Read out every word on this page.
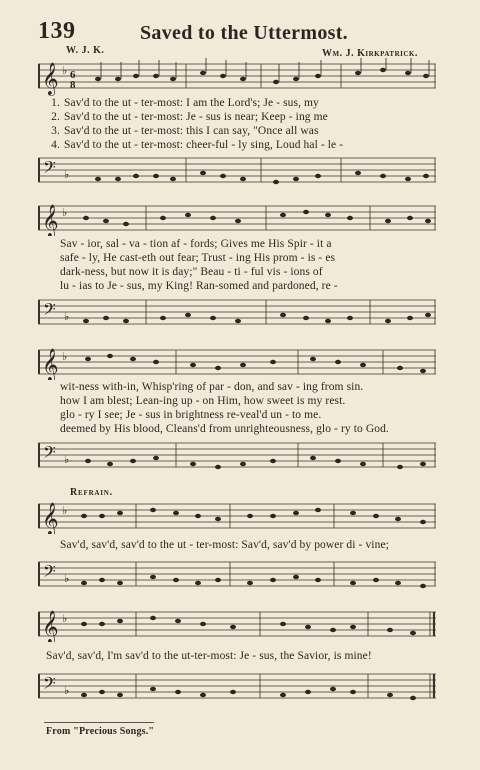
139	Saved to the Uttermost.
W. J. K.	Wm. J. Kirkpatrick.
𝄞 ♭ 6
8
1. Sav'd to the ut - ter-most: I am the Lord's; Je - sus, my
2. Sav'd to the ut - ter-most: Je - sus is near; Keep - ing me
3. Sav'd to the ut - ter-most: this I can say, "Once all was
4. Sav'd to the ut - ter-most: cheer-ful - ly sing, Loud hal - le -
𝄢 ♭
𝄞 ♭
Sav - ior, sal - va - tion af - fords; Gives me His Spir - it a
safe - ly, He cast-eth out fear; Trust - ing His prom - is - es
dark-ness, but now it is day;" Beau - ti - ful vis - ions of
lu - ias to Je - sus, my King! Ran-somed and pardoned, re -
𝄢 ♭
𝄞 ♭
wit-ness with-in, Whisp'ring of par - don, and sav - ing from sin.
how I am blest; Lean-ing up - on Him, how sweet is my rest.
glo - ry I see; Je - sus in brightness re-veal'd un - to me.
deemed by His blood, Cleans'd from unrighteousness, glo - ry to God.
𝄢 ♭
Refrain.
𝄞 ♭
Sav'd, sav'd, sav'd to the ut - ter-most: Sav'd, sav'd by power di - vine;
𝄢 ♭
𝄞 ♭
Sav'd, sav'd, I'm sav'd to the ut-ter-most: Je - sus, the Savior, is mine!
𝄢 ♭
From "Precious Songs."
